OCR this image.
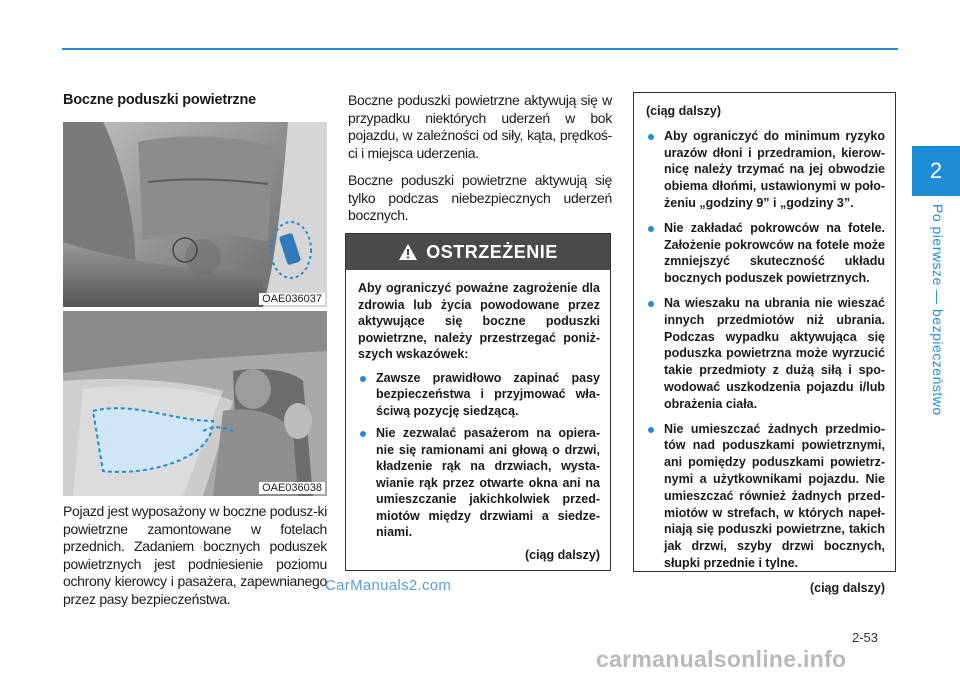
2
Po pierwsze — bezpieczeństwo
Boczne poduszki powietrzne
OAE036037
OAE036038

Pojazd jest wyposażony w boczne podusz-ki powietrzne zamontowane w fotelach przednich. Zadaniem bocznych poduszek powietrznych jest podniesienie poziomu ochrony kierowcy i pasażera, zapewnianego przez pasy bezpieczeństwa.

Boczne poduszki powietrzne aktywują się w przypadku niektórych uderzeń w bok pojazdu, w zależności od siły, kąta, prędkoś-ci i miejsca uderzenia.

Boczne poduszki powietrzne aktywują się tylko podczas niebezpiecznych uderzeń bocznych.

OSTRZEŻENIE

Aby ograniczyć poważne zagrożenie dla zdrowia lub życia powodowane przez aktywujące się boczne poduszki powietrzne, należy przestrzegać poniż-szych wskazówek:

Zawsze prawidłowo zapinać pasy bezpieczeństwa i przyjmować wła-ściwą pozycję siedzącą.
Nie zezwalać pasażerom na opiera-nie się ramionami ani głową o drzwi, kładzenie rąk na drzwiach, wysta-wianie rąk przez otwarte okna ani na umieszczanie jakichkolwiek przed-miotów między drzwiami a siedze-niami.
(ciąg dalszy)

(ciąg dalszy)

Aby ograniczyć do minimum ryzyko urazów dłoni i przedramion, kierow-nicę należy trzymać na jej obwodzie obiema dłońmi, ustawionymi w poło-żeniu „godziny 9” i „godziny 3”.
Nie zakładać pokrowców na fotele. Założenie pokrowców na fotele może zmniejszyć skuteczność układu bocznych poduszek powietrznych.
Na wieszaku na ubrania nie wieszać innych przedmiotów niż ubrania. Podczas wypadku aktywująca się poduszka powietrzna może wyrzucić takie przedmioty z dużą siłą i spo-wodować uszkodzenia pojazdu i/lub obrażenia ciała.
Nie umieszczać żadnych przedmio-tów nad poduszkami powietrznymi, ani pomiędzy poduszkami powietrz-nymi a użytkownikami pojazdu. Nie umieszczać również żadnych przed-miotów w strefach, w których napeł-niają się poduszki powietrzne, takich jak drzwi, szyby drzwi bocznych, słupki przednie i tylne.
(ciąg dalszy)
2-53
CarManuals2.com
carmanualsonline.info
